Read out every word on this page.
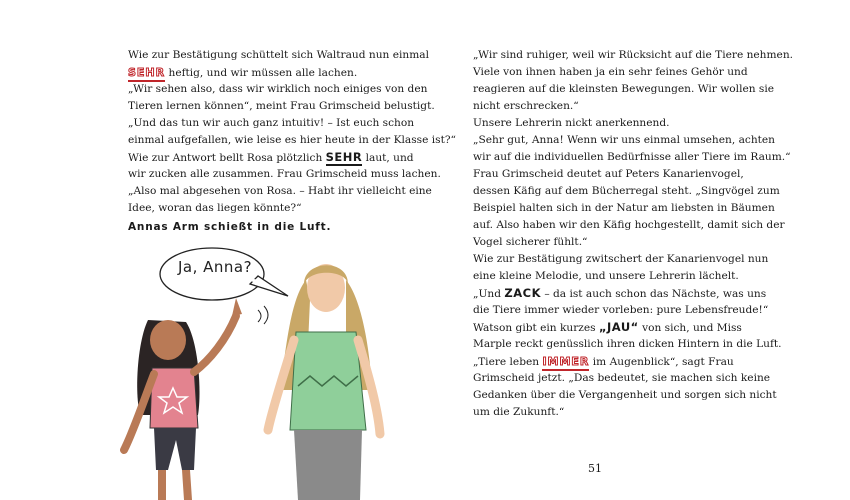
Wie zur Bestätigung schüttelt sich Waltraud nun einmal
SEHR heftig, und wir müssen alle lachen.
„Wir sehen also, dass wir wirklich noch einiges von den
Tieren lernen können“, meint Frau Grimscheid belustigt.
„Und das tun wir auch ganz intuitiv! – Ist euch schon
einmal aufgefallen, wie leise es hier heute in der Klasse ist?“
Wie zur Antwort bellt Rosa plötzlich SEHR laut, und
wir zucken alle zusammen. Frau Grimscheid muss lachen.
„Also mal abgesehen von Rosa. – Habt ihr vielleicht eine
Idee, woran das liegen könnte?“
Annas Arm schießt in die Luft.
Ja, Anna?
„Wir sind ruhiger, weil wir Rücksicht auf die Tiere nehmen.
Viele von ihnen haben ja ein sehr feines Gehör und
reagieren auf die kleinsten Bewegungen. Wir wollen sie
nicht erschrecken.“
Unsere Lehrerin nickt anerkennend.
„Sehr gut, Anna! Wenn wir uns einmal umsehen, achten
wir auf die individuellen Bedürfnisse aller Tiere im Raum.“
Frau Grimscheid deutet auf Peters Kanarienvogel,
dessen Käfig auf dem Bücherregal steht. „Singvögel zum
Beispiel halten sich in der Natur am liebsten in Bäumen
auf. Also haben wir den Käfig hochgestellt, damit sich der
Vogel sicherer fühlt.“
Wie zur Bestätigung zwitschert der Kanarienvogel nun
eine kleine Melodie, und unsere Lehrerin lächelt.
„Und ZACK – da ist auch schon das Nächste, was uns
die Tiere immer wieder vorleben: pure Lebensfreude!“
Watson gibt ein kurzes „JAU“ von sich, und Miss
Marple reckt genüsslich ihren dicken Hintern in die Luft.
„Tiere leben IMMER im Augenblick“, sagt Frau
Grimscheid jetzt. „Das bedeutet, sie machen sich keine
Gedanken über die Vergangenheit und sorgen sich nicht
um die Zukunft.“
51
